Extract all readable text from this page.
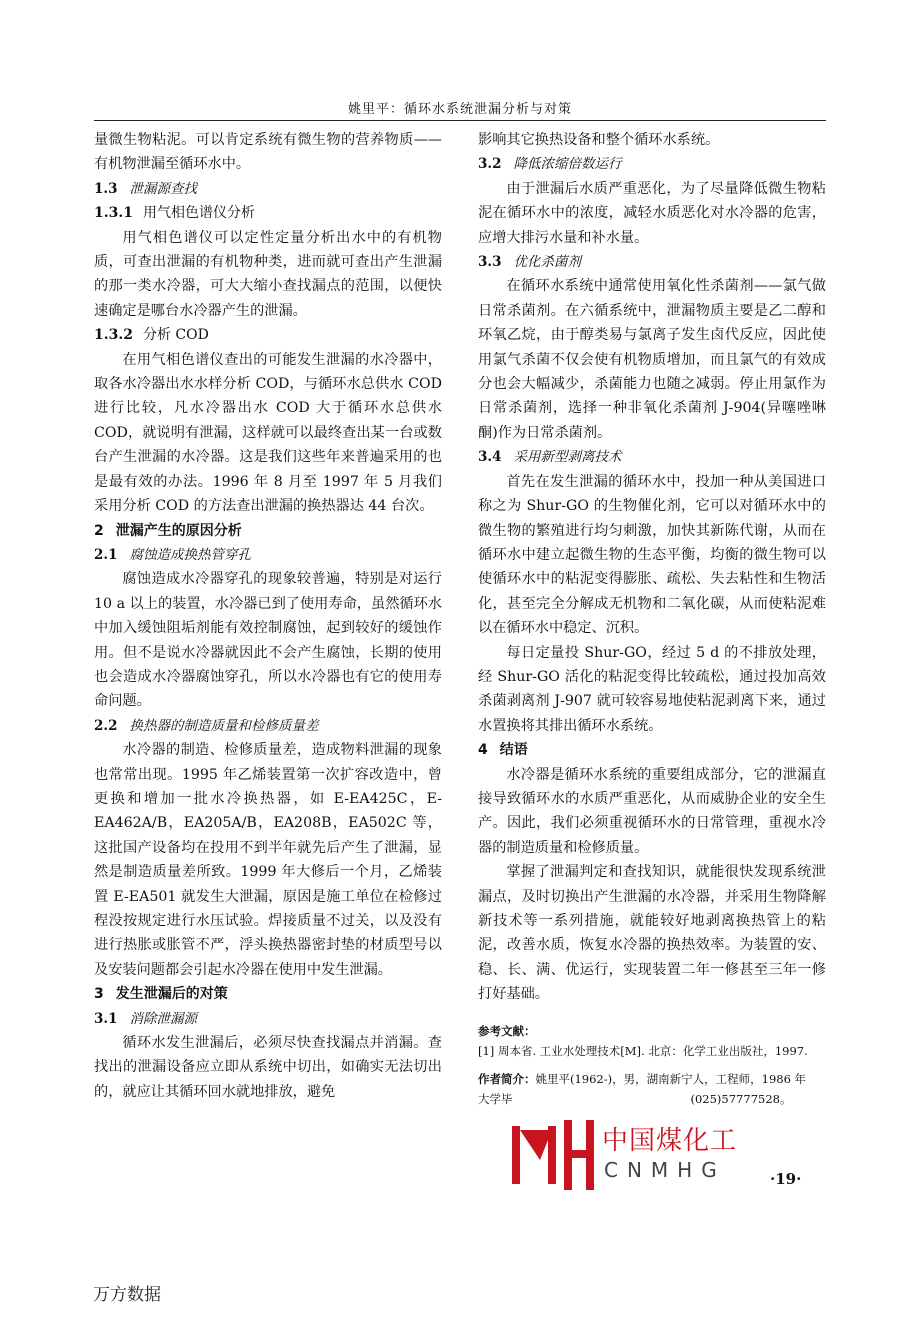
姚里平：循环水系统泄漏分析与对策

量微生物粘泥。可以肯定系统有微生物的营养物质——有机物泄漏至循环水中。

1.3 泄漏源查找

1.3.1 用气相色谱仪分析

用气相色谱仪可以定性定量分析出水中的有机物质，可查出泄漏的有机物种类，进而就可查出产生泄漏的那一类水冷器，可大大缩小查找漏点的范围，以便快速确定是哪台水冷器产生的泄漏。

1.3.2 分析 COD

在用气相色谱仪查出的可能发生泄漏的水冷器中，取各水冷器出水水样分析 COD，与循环水总供水 COD 进行比较，凡水冷器出水 COD 大于循环水总供水 COD，就说明有泄漏，这样就可以最终查出某一台或数台产生泄漏的水冷器。这是我们这些年来普遍采用的也是最有效的办法。1996 年 8 月至 1997 年 5 月我们采用分析 COD 的方法查出泄漏的换热器达 44 台次。

2 泄漏产生的原因分析

2.1 腐蚀造成换热管穿孔

腐蚀造成水冷器穿孔的现象较普遍，特别是对运行 10 a 以上的装置，水冷器已到了使用寿命，虽然循环水中加入缓蚀阻垢剂能有效控制腐蚀，起到较好的缓蚀作用。但不是说水冷器就因此不会产生腐蚀，长期的使用也会造成水冷器腐蚀穿孔，所以水冷器也有它的使用寿命问题。

2.2 换热器的制造质量和检修质量差

水冷器的制造、检修质量差，造成物料泄漏的现象也常常出现。1995 年乙烯装置第一次扩容改造中，曾更换和增加一批水冷换热器，如 E-EA425C，E-EA462A/B，EA205A/B，EA208B，EA502C 等，这批国产设备均在投用不到半年就先后产生了泄漏，显然是制造质量差所致。1999 年大修后一个月，乙烯装置 E-EA501 就发生大泄漏，原因是施工单位在检修过程没按规定进行水压试验。焊接质量不过关，以及没有进行热胀或胀管不严，浮头换热器密封垫的材质型号以及安装问题都会引起水冷器在使用中发生泄漏。

3 发生泄漏后的对策

3.1 消除泄漏源

循环水发生泄漏后，必须尽快查找漏点并消漏。查找出的泄漏设备应立即从系统中切出，如确实无法切出的，就应让其循环回水就地排放，避免

影响其它换热设备和整个循环水系统。

3.2 降低浓缩倍数运行

由于泄漏后水质严重恶化，为了尽量降低微生物粘泥在循环水中的浓度，减轻水质恶化对水冷器的危害，应增大排污水量和补水量。

3.3 优化杀菌剂

在循环水系统中通常使用氧化性杀菌剂——氯气做日常杀菌剂。在六循系统中，泄漏物质主要是乙二醇和环氧乙烷，由于醇类易与氯离子发生卤代反应，因此使用氯气杀菌不仅会使有机物质增加，而且氯气的有效成分也会大幅减少，杀菌能力也随之减弱。停止用氯作为日常杀菌剂，选择一种非氧化杀菌剂 J-904(异噻唑啉酮)作为日常杀菌剂。

3.4 采用新型剥离技术

首先在发生泄漏的循环水中，投加一种从美国进口称之为 Shur-GO 的生物催化剂，它可以对循环水中的微生物的繁殖进行均匀刺激，加快其新陈代谢，从而在循环水中建立起微生物的生态平衡，均衡的微生物可以使循环水中的粘泥变得膨胀、疏松、失去粘性和生物活化，甚至完全分解成无机物和二氧化碳，从而使粘泥难以在循环水中稳定、沉积。

每日定量投 Shur-GO，经过 5 d 的不排放处理，经 Shur-GO 活化的粘泥变得比较疏松，通过投加高效杀菌剥离剂 J-907 就可较容易地使粘泥剥离下来，通过水置换将其排出循环水系统。

4 结语

水冷器是循环水系统的重要组成部分，它的泄漏直接导致循环水的水质严重恶化，从而威胁企业的安全生产。因此，我们必须重视循环水的日常管理，重视水冷器的制造质量和检修质量。

掌握了泄漏判定和查找知识，就能很快发现系统泄漏点，及时切换出产生泄漏的水冷器，并采用生物降解新技术等一系列措施，就能较好地剥离换热管上的粘泥，改善水质，恢复水冷器的换热效率。为装置的安、稳、长、满、优运行，实现装置二年一修甚至三年一修打好基础。

参考文献：
[1] 周本省. 工业水处理技术[M]. 北京：化学工业出版社，1997.
作者简介：姚里平(1962-)，男，湖南新宁人，工程师，1986 年
大学毕	(025)57777528。
中国煤化工
CNMHG	·19·
万方数据
